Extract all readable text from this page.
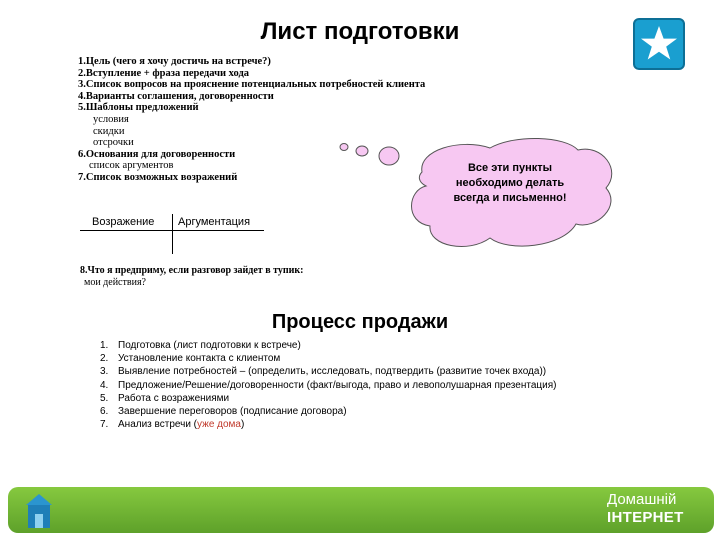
Лист подготовки
1.Цель (чего я хочу достичь на встрече?)
2.Вступление + фраза передачи хода
3.Список вопросов на прояснение потенциальных потребностей клиента
4.Варианты соглашения, договоренности
5.Шаблоны предложений
условия
скидки
отсрочки
6.Основания для договоренности
список аргументов
7.Список возможных возражений
Возражение Аргументация
8.Что я предприму, если разговор зайдет в тупик:
мои действия?
Все эти пункты
необходимо делать
всегда и письменно!
Процесс продажи
1. Подготовка (лист подготовки к встрече)
2. Установление контакта с клиентом
3. Выявление потребностей – (определить, исследовать, подтвердить (развитие точек входа))
4. Предложение/Решение/договоренности (факт/выгода, право и левополушарная презентация)
5. Работа с возражениями
6. Завершение переговоров (подписание договора)
7. Анализ встречи (уже дома)
Домашній
ІНТЕРНЕТ
